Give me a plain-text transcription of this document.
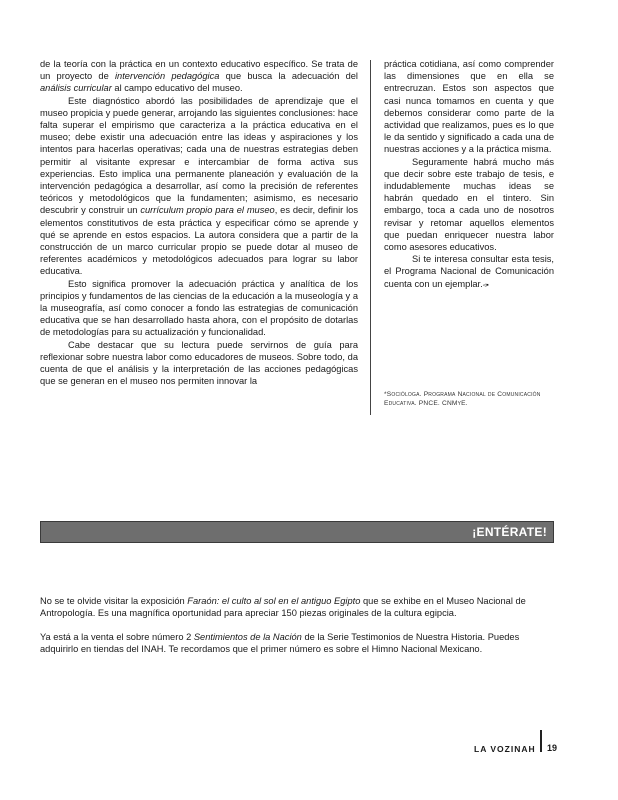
de la teoría con la práctica en un contexto educativo específico. Se trata de un proyecto de intervención pedagógica que busca la adecuación del análisis curricular al campo educativo del museo.

Este diagnóstico abordó las posibilidades de aprendizaje que el museo propicia y puede generar, arrojando las siguientes conclusiones: hace falta superar el empirismo que caracteriza a la práctica educativa en el museo; debe existir una adecuación entre las ideas y aspiraciones y los intentos para hacerlas operativas; cada una de nuestras estrategias deben permitir al visitante expresar e intercambiar de forma activa sus experiencias. Esto implica una permanente planeación y evaluación de la intervención pedagógica a desarrollar, así como la precisión de referentes teóricos y metodológicos que la fundamenten; asimismo, es necesario descubrir y construir un currículum propio para el museo, es decir, definir los elementos constitutivos de esta práctica y especificar cómo se aprende y qué se aprende en estos espacios. La autora considera que a partir de la construcción de un marco curricular propio se puede dotar al museo de referentes académicos y metodológicos adecuados para lograr su labor educativa.

Esto significa promover la adecuación práctica y analítica de los principios y fundamentos de las ciencias de la educación a la museología y a la museografía, así como conocer a fondo las estrategias de comunicación educativa que se han desarrollado hasta ahora, con el propósito de dotarlas de metodologías para su actualización y funcionalidad.

Cabe destacar que su lectura puede servirnos de guía para reflexionar sobre nuestra labor como educadores de museos. Sobre todo, da cuenta de que el análisis y la interpretación de las acciones pedagógicas que se generan en el museo nos permiten innovar la

práctica cotidiana, así como comprender las dimensiones que en ella se entrecruzan. Estos son aspectos que casi nunca tomamos en cuenta y que debemos considerar como parte de la actividad que realizamos, pues es lo que le da sentido y significado a cada una de nuestras acciones y a la práctica misma.

Seguramente habrá mucho más que decir sobre este trabajo de tesis, e indudablemente muchas ideas se habrán quedado en el tintero. Sin embargo, toca a cada uno de nosotros revisar y retomar aquellos elementos que puedan enriquecer nuestra labor como asesores educativos.

Si te interesa consultar esta tesis, el Programa Nacional de Comunicación cuenta con un ejemplar.◃▪

*Socióloga. Programa Nacional de Comunicación Educativa. PNCE. CNMyE.
¡ENTÉRATE!
No se te olvide visitar la exposición Faraón: el culto al sol en el antiguo Egipto que se exhibe en el Museo Nacional de Antropología. Es una magnífica oportunidad para apreciar 150 piezas originales de la cultura egipcia.
Ya está a la venta el sobre número 2 Sentimientos de la Nación de la Serie Testimonios de Nuestra Historia. Puedes adquirirlo en tiendas del INAH. Te recordamos que el primer número es sobre el Himno Nacional Mexicano.
LA VOZINAH 19
